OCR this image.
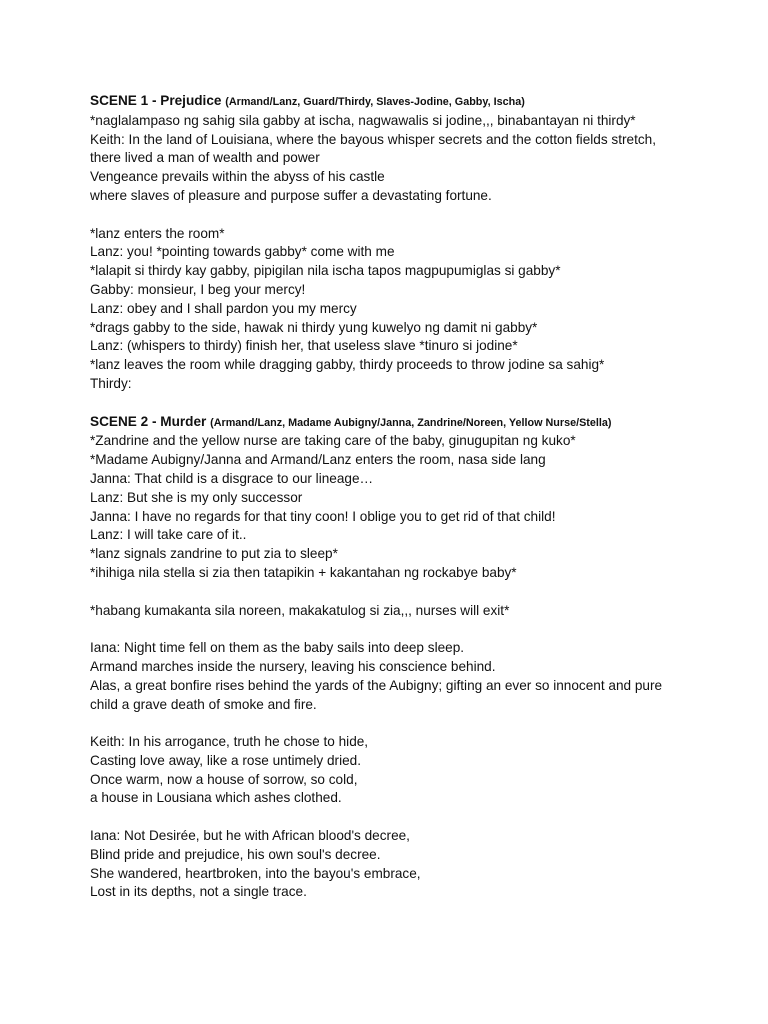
SCENE 1 - Prejudice (Armand/Lanz, Guard/Thirdy, Slaves-Jodine, Gabby, Ischa)

*naglalampaso ng sahig sila gabby at ischa, nagwawalis si jodine,,, binabantayan ni thirdy*

Keith: In the land of Louisiana, where the bayous whisper secrets and the cotton fields stretch,

there lived a man of wealth and power

Vengeance prevails within the abyss of his castle

where slaves of pleasure and purpose suffer a devastating fortune.

*lanz enters the room*

Lanz: you! *pointing towards gabby* come with me

*lalapit si thirdy kay gabby, pipigilan nila ischa tapos magpupumiglas si gabby*

Gabby: monsieur, I beg your mercy!

Lanz: obey and I shall pardon you my mercy

*drags gabby to the side, hawak ni thirdy yung kuwelyo ng damit ni gabby*

Lanz: (whispers to thirdy) finish her, that useless slave *tinuro si jodine*

*lanz leaves the room while dragging gabby, thirdy proceeds to throw jodine sa sahig*

Thirdy:

SCENE 2 - Murder (Armand/Lanz, Madame Aubigny/Janna, Zandrine/Noreen, Yellow Nurse/Stella)

*Zandrine and the yellow nurse are taking care of the baby, ginugupitan ng kuko*

*Madame Aubigny/Janna and Armand/Lanz enters the room, nasa side lang

Janna: That child is a disgrace to our lineage…

Lanz: But she is my only successor

Janna: I have no regards for that tiny coon! I oblige you to get rid of that child!

Lanz: I will take care of it..

*lanz signals zandrine to put zia to sleep*

*ihihiga nila stella si zia then tatapikin + kakantahan ng rockabye baby*

*habang kumakanta sila noreen, makakatulog si zia,,, nurses will exit*

Iana: Night time fell on them as the baby sails into deep sleep.

Armand marches inside the nursery, leaving his conscience behind.

Alas, a great bonfire rises behind the yards of the Aubigny; gifting an ever so innocent and pure

child a grave death of smoke and fire.

Keith: In his arrogance, truth he chose to hide,

Casting love away, like a rose untimely dried.

Once warm, now a house of sorrow, so cold,

a house in Lousiana which ashes clothed.

Iana: Not Desirée, but he with African blood's decree,

Blind pride and prejudice, his own soul's decree.

She wandered, heartbroken, into the bayou's embrace,

Lost in its depths, not a single trace.
